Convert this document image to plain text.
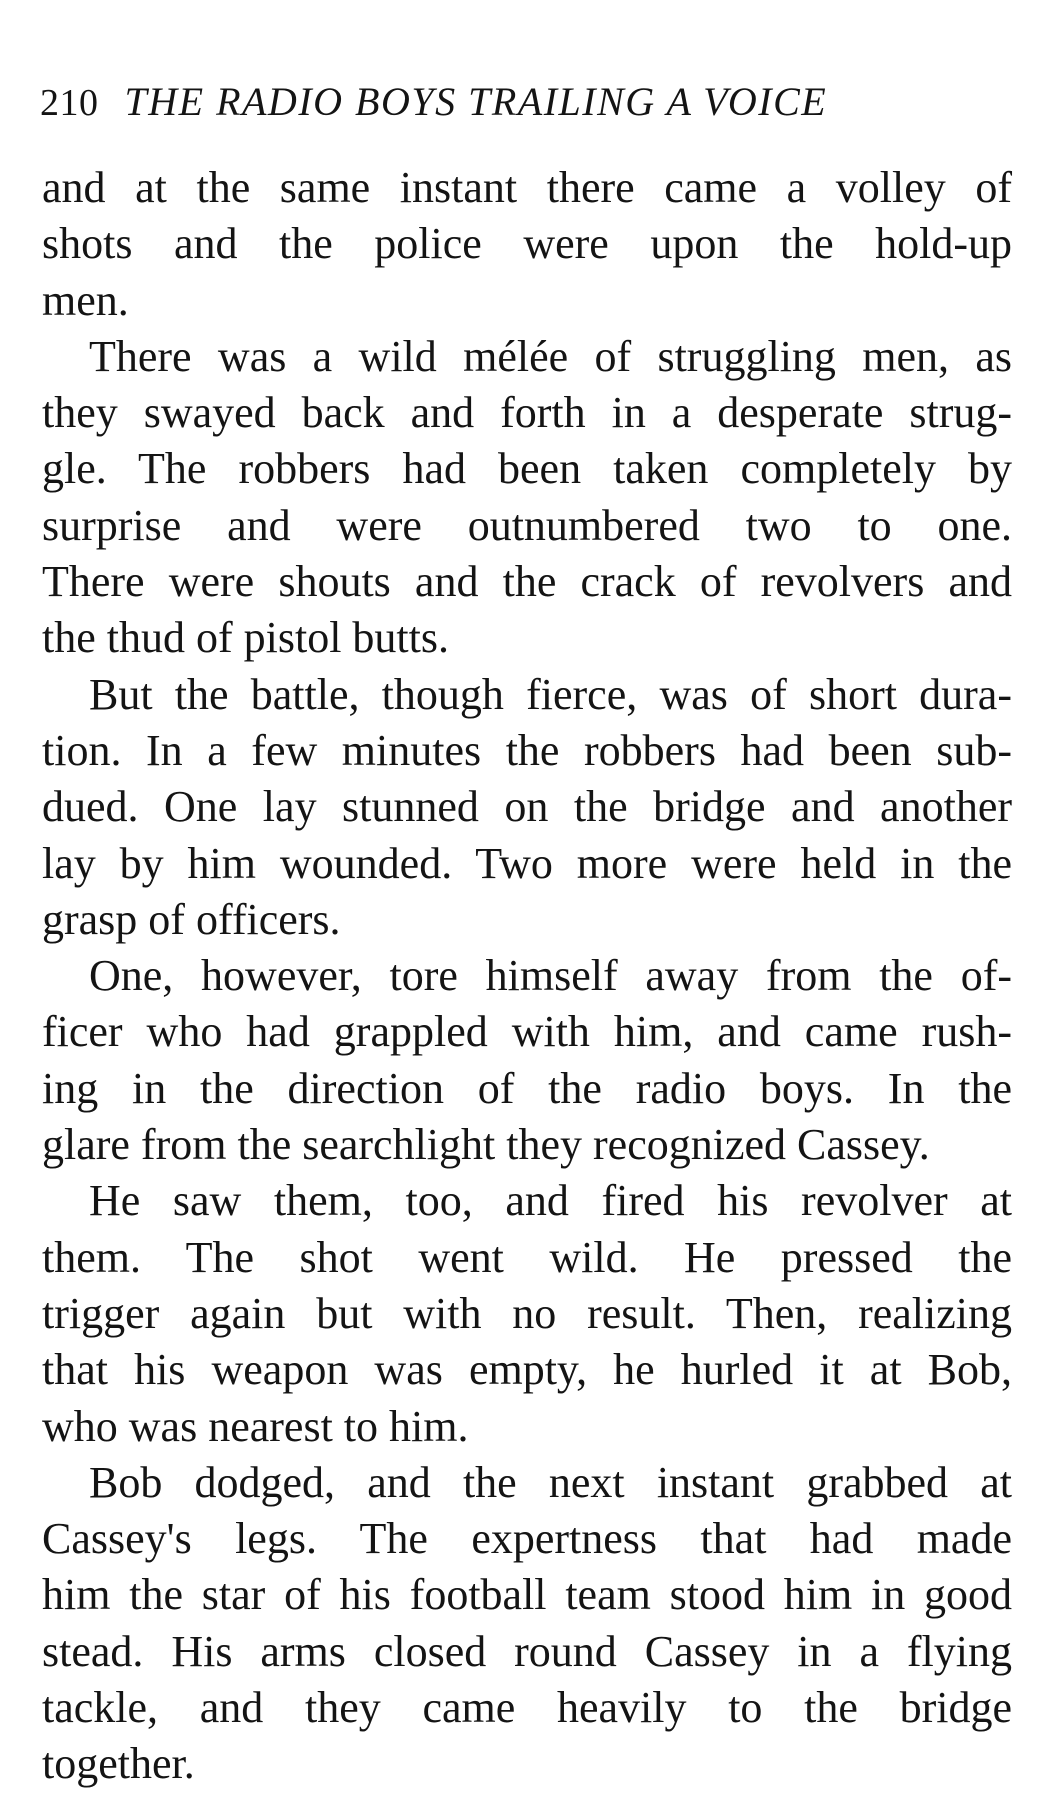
210 THE RADIO BOYS TRAILING A VOICE
and at the same instant there came a volley of
shots and the police were upon the hold-up
men.
There was a wild mélée of struggling men, as
they swayed back and forth in a desperate strug-
gle. The robbers had been taken completely by
surprise and were outnumbered two to one.
There were shouts and the crack of revolvers and
the thud of pistol butts.
But the battle, though fierce, was of short dura-
tion. In a few minutes the robbers had been sub-
dued. One lay stunned on the bridge and another
lay by him wounded. Two more were held in the
grasp of officers.
One, however, tore himself away from the of-
ficer who had grappled with him, and came rush-
ing in the direction of the radio boys. In the
glare from the searchlight they recognized Cassey.
He saw them, too, and fired his revolver at
them. The shot went wild. He pressed the
trigger again but with no result. Then, realizing
that his weapon was empty, he hurled it at Bob,
who was nearest to him.
Bob dodged, and the next instant grabbed at
Cassey's legs. The expertness that had made
him the star of his football team stood him in good
stead. His arms closed round Cassey in a flying
tackle, and they came heavily to the bridge
together.
